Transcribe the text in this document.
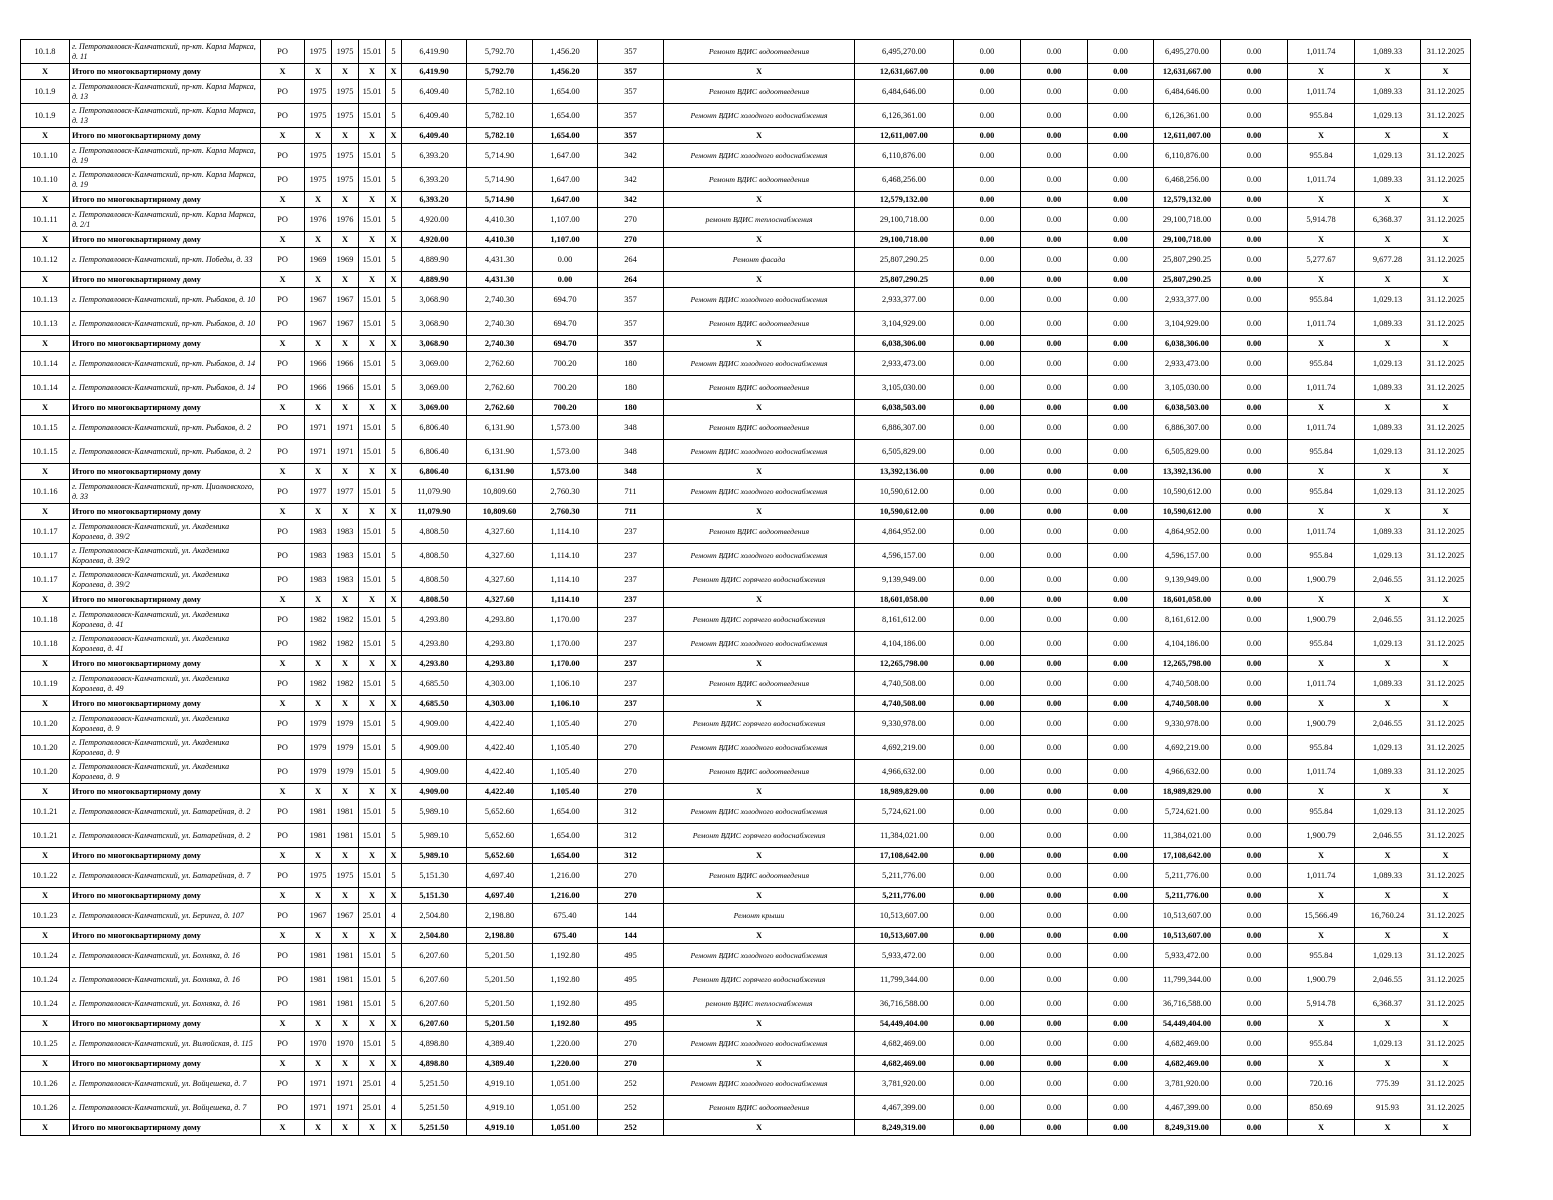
10.1.8	г. Петропавловск-Камчатский, пр-кт. Карла Маркса, д. 11	РО	1975	1975	15.01	5	6,419.90	5,792.70	1,456.20	357	Ремонт ВДИС водоотведения	6,495,270.00	0.00	0.00	0.00	6,495,270.00	0.00	1,011.74	1,089.33	31.12.2025
X	Итого по многоквартирному дому	X	X	X	X	X	6,419.90	5,792.70	1,456.20	357	X	12,631,667.00	0.00	0.00	0.00	12,631,667.00	0.00	X	X	X
10.1.9	г. Петропавловск-Камчатский, пр-кт. Карла Маркса, д. 13	РО	1975	1975	15.01	5	6,409.40	5,782.10	1,654.00	357	Ремонт ВДИС водоотведения	6,484,646.00	0.00	0.00	0.00	6,484,646.00	0.00	1,011.74	1,089.33	31.12.2025
10.1.9	г. Петропавловск-Камчатский, пр-кт. Карла Маркса, д. 13	РО	1975	1975	15.01	5	6,409.40	5,782.10	1,654.00	357	Ремонт ВДИС холодного водоснабжения	6,126,361.00	0.00	0.00	0.00	6,126,361.00	0.00	955.84	1,029.13	31.12.2025
X	Итого по многоквартирному дому	X	X	X	X	X	6,409.40	5,782.10	1,654.00	357	X	12,611,007.00	0.00	0.00	0.00	12,611,007.00	0.00	X	X	X
10.1.10	г. Петропавловск-Камчатский, пр-кт. Карла Маркса, д. 19	РО	1975	1975	15.01	5	6,393.20	5,714.90	1,647.00	342	Ремонт ВДИС холодного водоснабжения	6,110,876.00	0.00	0.00	0.00	6,110,876.00	0.00	955.84	1,029.13	31.12.2025
10.1.10	г. Петропавловск-Камчатский, пр-кт. Карла Маркса, д. 19	РО	1975	1975	15.01	5	6,393.20	5,714.90	1,647.00	342	Ремонт ВДИС водоотведения	6,468,256.00	0.00	0.00	0.00	6,468,256.00	0.00	1,011.74	1,089.33	31.12.2025
X	Итого по многоквартирному дому	X	X	X	X	X	6,393.20	5,714.90	1,647.00	342	X	12,579,132.00	0.00	0.00	0.00	12,579,132.00	0.00	X	X	X
10.1.11	г. Петропавловск-Камчатский, пр-кт. Карла Маркса, д. 2/1	РО	1976	1976	15.01	5	4,920.00	4,410.30	1,107.00	270	ремонт ВДИС теплоснабжения	29,100,718.00	0.00	0.00	0.00	29,100,718.00	0.00	5,914.78	6,368.37	31.12.2025
X	Итого по многоквартирному дому	X	X	X	X	X	4,920.00	4,410.30	1,107.00	270	X	29,100,718.00	0.00	0.00	0.00	29,100,718.00	0.00	X	X	X
10.1.12	г. Петропавловск-Камчатский, пр-кт. Победы, д. 33	РО	1969	1969	15.01	5	4,889.90	4,431.30	0.00	264	Ремонт фасада	25,807,290.25	0.00	0.00	0.00	25,807,290.25	0.00	5,277.67	9,677.28	31.12.2025
X	Итого по многоквартирному дому	X	X	X	X	X	4,889.90	4,431.30	0.00	264	X	25,807,290.25	0.00	0.00	0.00	25,807,290.25	0.00	X	X	X
10.1.13	г. Петропавловск-Камчатский, пр-кт. Рыбаков, д. 10	РО	1967	1967	15.01	5	3,068.90	2,740.30	694.70	357	Ремонт ВДИС холодного водоснабжения	2,933,377.00	0.00	0.00	0.00	2,933,377.00	0.00	955.84	1,029.13	31.12.2025
10.1.13	г. Петропавловск-Камчатский, пр-кт. Рыбаков, д. 10	РО	1967	1967	15.01	5	3,068.90	2,740.30	694.70	357	Ремонт ВДИС водоотведения	3,104,929.00	0.00	0.00	0.00	3,104,929.00	0.00	1,011.74	1,089.33	31.12.2025
X	Итого по многоквартирному дому	X	X	X	X	X	3,068.90	2,740.30	694.70	357	X	6,038,306.00	0.00	0.00	0.00	6,038,306.00	0.00	X	X	X
10.1.14	г. Петропавловск-Камчатский, пр-кт. Рыбаков, д. 14	РО	1966	1966	15.01	5	3,069.00	2,762.60	700.20	180	Ремонт ВДИС холодного водоснабжения	2,933,473.00	0.00	0.00	0.00	2,933,473.00	0.00	955.84	1,029.13	31.12.2025
10.1.14	г. Петропавловск-Камчатский, пр-кт. Рыбаков, д. 14	РО	1966	1966	15.01	5	3,069.00	2,762.60	700.20	180	Ремонт ВДИС водоотведения	3,105,030.00	0.00	0.00	0.00	3,105,030.00	0.00	1,011.74	1,089.33	31.12.2025
X	Итого по многоквартирному дому	X	X	X	X	X	3,069.00	2,762.60	700.20	180	X	6,038,503.00	0.00	0.00	0.00	6,038,503.00	0.00	X	X	X
10.1.15	г. Петропавловск-Камчатский, пр-кт. Рыбаков, д. 2	РО	1971	1971	15.01	5	6,806.40	6,131.90	1,573.00	348	Ремонт ВДИС водоотведения	6,886,307.00	0.00	0.00	0.00	6,886,307.00	0.00	1,011.74	1,089.33	31.12.2025
10.1.15	г. Петропавловск-Камчатский, пр-кт. Рыбаков, д. 2	РО	1971	1971	15.01	5	6,806.40	6,131.90	1,573.00	348	Ремонт ВДИС холодного водоснабжения	6,505,829.00	0.00	0.00	0.00	6,505,829.00	0.00	955.84	1,029.13	31.12.2025
X	Итого по многоквартирному дому	X	X	X	X	X	6,806.40	6,131.90	1,573.00	348	X	13,392,136.00	0.00	0.00	0.00	13,392,136.00	0.00	X	X	X
10.1.16	г. Петропавловск-Камчатский, пр-кт. Циолковского, д. 33	РО	1977	1977	15.01	5	11,079.90	10,809.60	2,760.30	711	Ремонт ВДИС холодного водоснабжения	10,590,612.00	0.00	0.00	0.00	10,590,612.00	0.00	955.84	1,029.13	31.12.2025
X	Итого по многоквартирному дому	X	X	X	X	X	11,079.90	10,809.60	2,760.30	711	X	10,590,612.00	0.00	0.00	0.00	10,590,612.00	0.00	X	X	X
10.1.17	г. Петропавловск-Камчатский, ул. Академика Королева, д. 39/2	РО	1983	1983	15.01	5	4,808.50	4,327.60	1,114.10	237	Ремонт ВДИС водоотведения	4,864,952.00	0.00	0.00	0.00	4,864,952.00	0.00	1,011.74	1,089.33	31.12.2025
10.1.17	г. Петропавловск-Камчатский, ул. Академика Королева, д. 39/2	РО	1983	1983	15.01	5	4,808.50	4,327.60	1,114.10	237	Ремонт ВДИС холодного водоснабжения	4,596,157.00	0.00	0.00	0.00	4,596,157.00	0.00	955.84	1,029.13	31.12.2025
10.1.17	г. Петропавловск-Камчатский, ул. Академика Королева, д. 39/2	РО	1983	1983	15.01	5	4,808.50	4,327.60	1,114.10	237	Ремонт ВДИС горячего водоснабжения	9,139,949.00	0.00	0.00	0.00	9,139,949.00	0.00	1,900.79	2,046.55	31.12.2025
X	Итого по многоквартирному дому	X	X	X	X	X	4,808.50	4,327.60	1,114.10	237	X	18,601,058.00	0.00	0.00	0.00	18,601,058.00	0.00	X	X	X
10.1.18	г. Петропавловск-Камчатский, ул. Академика Королева, д. 41	РО	1982	1982	15.01	5	4,293.80	4,293.80	1,170.00	237	Ремонт ВДИС горячего водоснабжения	8,161,612.00	0.00	0.00	0.00	8,161,612.00	0.00	1,900.79	2,046.55	31.12.2025
10.1.18	г. Петропавловск-Камчатский, ул. Академика Королева, д. 41	РО	1982	1982	15.01	5	4,293.80	4,293.80	1,170.00	237	Ремонт ВДИС холодного водоснабжения	4,104,186.00	0.00	0.00	0.00	4,104,186.00	0.00	955.84	1,029.13	31.12.2025
X	Итого по многоквартирному дому	X	X	X	X	X	4,293.80	4,293.80	1,170.00	237	X	12,265,798.00	0.00	0.00	0.00	12,265,798.00	0.00	X	X	X
10.1.19	г. Петропавловск-Камчатский, ул. Академика Королева, д. 49	РО	1982	1982	15.01	5	4,685.50	4,303.00	1,106.10	237	Ремонт ВДИС водоотведения	4,740,508.00	0.00	0.00	0.00	4,740,508.00	0.00	1,011.74	1,089.33	31.12.2025
X	Итого по многоквартирному дому	X	X	X	X	X	4,685.50	4,303.00	1,106.10	237	X	4,740,508.00	0.00	0.00	0.00	4,740,508.00	0.00	X	X	X
10.1.20	г. Петропавловск-Камчатский, ул. Академика Королева, д. 9	РО	1979	1979	15.01	5	4,909.00	4,422.40	1,105.40	270	Ремонт ВДИС горячего водоснабжения	9,330,978.00	0.00	0.00	0.00	9,330,978.00	0.00	1,900.79	2,046.55	31.12.2025
10.1.20	г. Петропавловск-Камчатский, ул. Академика Королева, д. 9	РО	1979	1979	15.01	5	4,909.00	4,422.40	1,105.40	270	Ремонт ВДИС холодного водоснабжения	4,692,219.00	0.00	0.00	0.00	4,692,219.00	0.00	955.84	1,029.13	31.12.2025
10.1.20	г. Петропавловск-Камчатский, ул. Академика Королева, д. 9	РО	1979	1979	15.01	5	4,909.00	4,422.40	1,105.40	270	Ремонт ВДИС водоотведения	4,966,632.00	0.00	0.00	0.00	4,966,632.00	0.00	1,011.74	1,089.33	31.12.2025
X	Итого по многоквартирному дому	X	X	X	X	X	4,909.00	4,422.40	1,105.40	270	X	18,989,829.00	0.00	0.00	0.00	18,989,829.00	0.00	X	X	X
10.1.21	г. Петропавловск-Камчатский, ул. Батарейная, д. 2	РО	1981	1981	15.01	5	5,989.10	5,652.60	1,654.00	312	Ремонт ВДИС холодного водоснабжения	5,724,621.00	0.00	0.00	0.00	5,724,621.00	0.00	955.84	1,029.13	31.12.2025
10.1.21	г. Петропавловск-Камчатский, ул. Батарейная, д. 2	РО	1981	1981	15.01	5	5,989.10	5,652.60	1,654.00	312	Ремонт ВДИС горячего водоснабжения	11,384,021.00	0.00	0.00	0.00	11,384,021.00	0.00	1,900.79	2,046.55	31.12.2025
X	Итого по многоквартирному дому	X	X	X	X	X	5,989.10	5,652.60	1,654.00	312	X	17,108,642.00	0.00	0.00	0.00	17,108,642.00	0.00	X	X	X
10.1.22	г. Петропавловск-Камчатский, ул. Батарейная, д. 7	РО	1975	1975	15.01	5	5,151.30	4,697.40	1,216.00	270	Ремонт ВДИС водоотведения	5,211,776.00	0.00	0.00	0.00	5,211,776.00	0.00	1,011.74	1,089.33	31.12.2025
X	Итого по многоквартирному дому	X	X	X	X	X	5,151.30	4,697.40	1,216.00	270	X	5,211,776.00	0.00	0.00	0.00	5,211,776.00	0.00	X	X	X
10.1.23	г. Петропавловск-Камчатский, ул. Беринга, д. 107	РО	1967	1967	25.01	4	2,504.80	2,198.80	675.40	144	Ремонт крыши	10,513,607.00	0.00	0.00	0.00	10,513,607.00	0.00	15,566.49	16,760.24	31.12.2025
X	Итого по многоквартирному дому	X	X	X	X	X	2,504.80	2,198.80	675.40	144	X	10,513,607.00	0.00	0.00	0.00	10,513,607.00	0.00	X	X	X
10.1.24	г. Петропавловск-Камчатский, ул. Бохняка, д. 16	РО	1981	1981	15.01	5	6,207.60	5,201.50	1,192.80	495	Ремонт ВДИС холодного водоснабжения	5,933,472.00	0.00	0.00	0.00	5,933,472.00	0.00	955.84	1,029.13	31.12.2025
10.1.24	г. Петропавловск-Камчатский, ул. Бохняка, д. 16	РО	1981	1981	15.01	5	6,207.60	5,201.50	1,192.80	495	Ремонт ВДИС горячего водоснабжения	11,799,344.00	0.00	0.00	0.00	11,799,344.00	0.00	1,900.79	2,046.55	31.12.2025
10.1.24	г. Петропавловск-Камчатский, ул. Бохняка, д. 16	РО	1981	1981	15.01	5	6,207.60	5,201.50	1,192.80	495	ремонт ВДИС теплоснабжения	36,716,588.00	0.00	0.00	0.00	36,716,588.00	0.00	5,914.78	6,368.37	31.12.2025
X	Итого по многоквартирному дому	X	X	X	X	X	6,207.60	5,201.50	1,192.80	495	X	54,449,404.00	0.00	0.00	0.00	54,449,404.00	0.00	X	X	X
10.1.25	г. Петропавловск-Камчатский, ул. Вилюйская, д. 115	РО	1970	1970	15.01	5	4,898.80	4,389.40	1,220.00	270	Ремонт ВДИС холодного водоснабжения	4,682,469.00	0.00	0.00	0.00	4,682,469.00	0.00	955.84	1,029.13	31.12.2025
X	Итого по многоквартирному дому	X	X	X	X	X	4,898.80	4,389.40	1,220.00	270	X	4,682,469.00	0.00	0.00	0.00	4,682,469.00	0.00	X	X	X
10.1.26	г. Петропавловск-Камчатский, ул. Войцешека, д. 7	РО	1971	1971	25.01	4	5,251.50	4,919.10	1,051.00	252	Ремонт ВДИС холодного водоснабжения	3,781,920.00	0.00	0.00	0.00	3,781,920.00	0.00	720.16	775.39	31.12.2025
10.1.26	г. Петропавловск-Камчатский, ул. Войцешека, д. 7	РО	1971	1971	25.01	4	5,251.50	4,919.10	1,051.00	252	Ремонт ВДИС водоотведения	4,467,399.00	0.00	0.00	0.00	4,467,399.00	0.00	850.69	915.93	31.12.2025
X	Итого по многоквартирному дому	X	X	X	X	X	5,251.50	4,919.10	1,051.00	252	X	8,249,319.00	0.00	0.00	0.00	8,249,319.00	0.00	X	X	X
